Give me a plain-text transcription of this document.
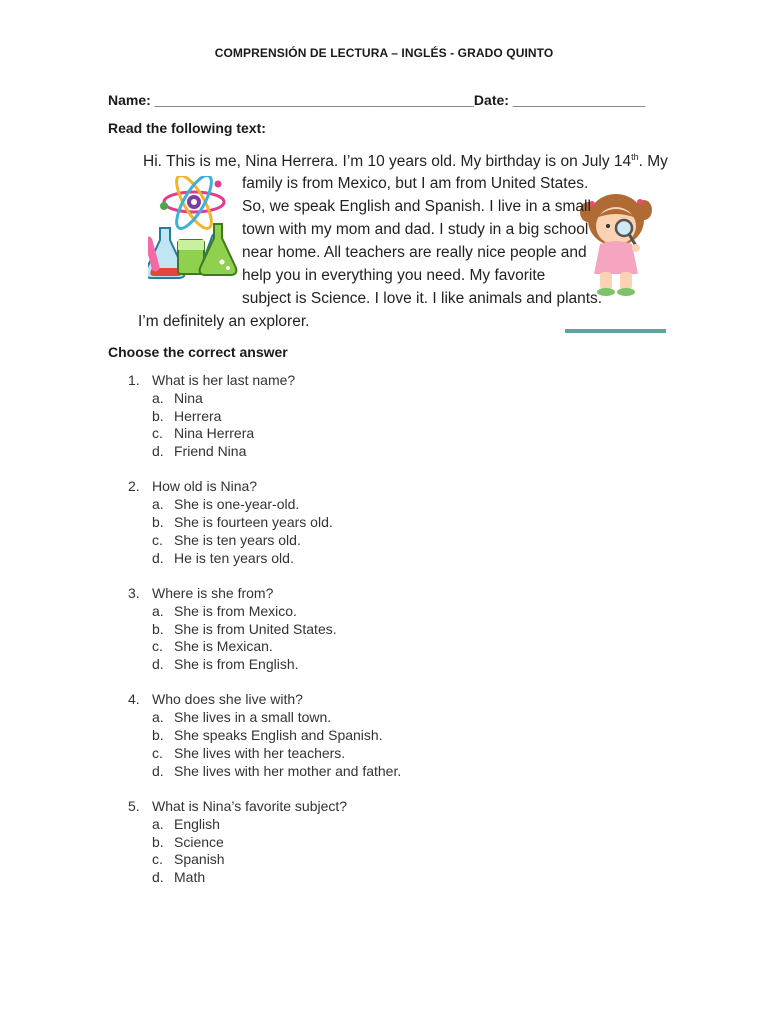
COMPRENSIÓN DE LECTURA – INGLÉS - GRADO QUINTO
Name: _________________________________________Date: _________________
Read the following text:
Hi. This is me, Nina Herrera. I’m 10 years old. My birthday is on July 14th. My
family is from Mexico, but I am from United States.
So, we speak English and Spanish. I live in a small
town with my mom and dad. I study in a big school
near home. All teachers are really nice people and
help you in everything you need. My favorite
subject is Science. I love it. I like animals and plants.
I’m definitely an explorer.
Choose the correct answer
1. What is her last name?
a. Nina
b. Herrera
c. Nina Herrera
d. Friend Nina
2. How old is Nina?
a. She is one-year-old.
b. She is fourteen years old.
c. She is ten years old.
d. He is ten years old.
3. Where is she from?
a. She is from Mexico.
b. She is from United States.
c. She is Mexican.
d. She is from English.
4. Who does she live with?
a. She lives in a small town.
b. She speaks English and Spanish.
c. She lives with her teachers.
d. She lives with her mother and father.
5. What is Nina’s favorite subject?
a. English
b. Science
c. Spanish
d. Math
